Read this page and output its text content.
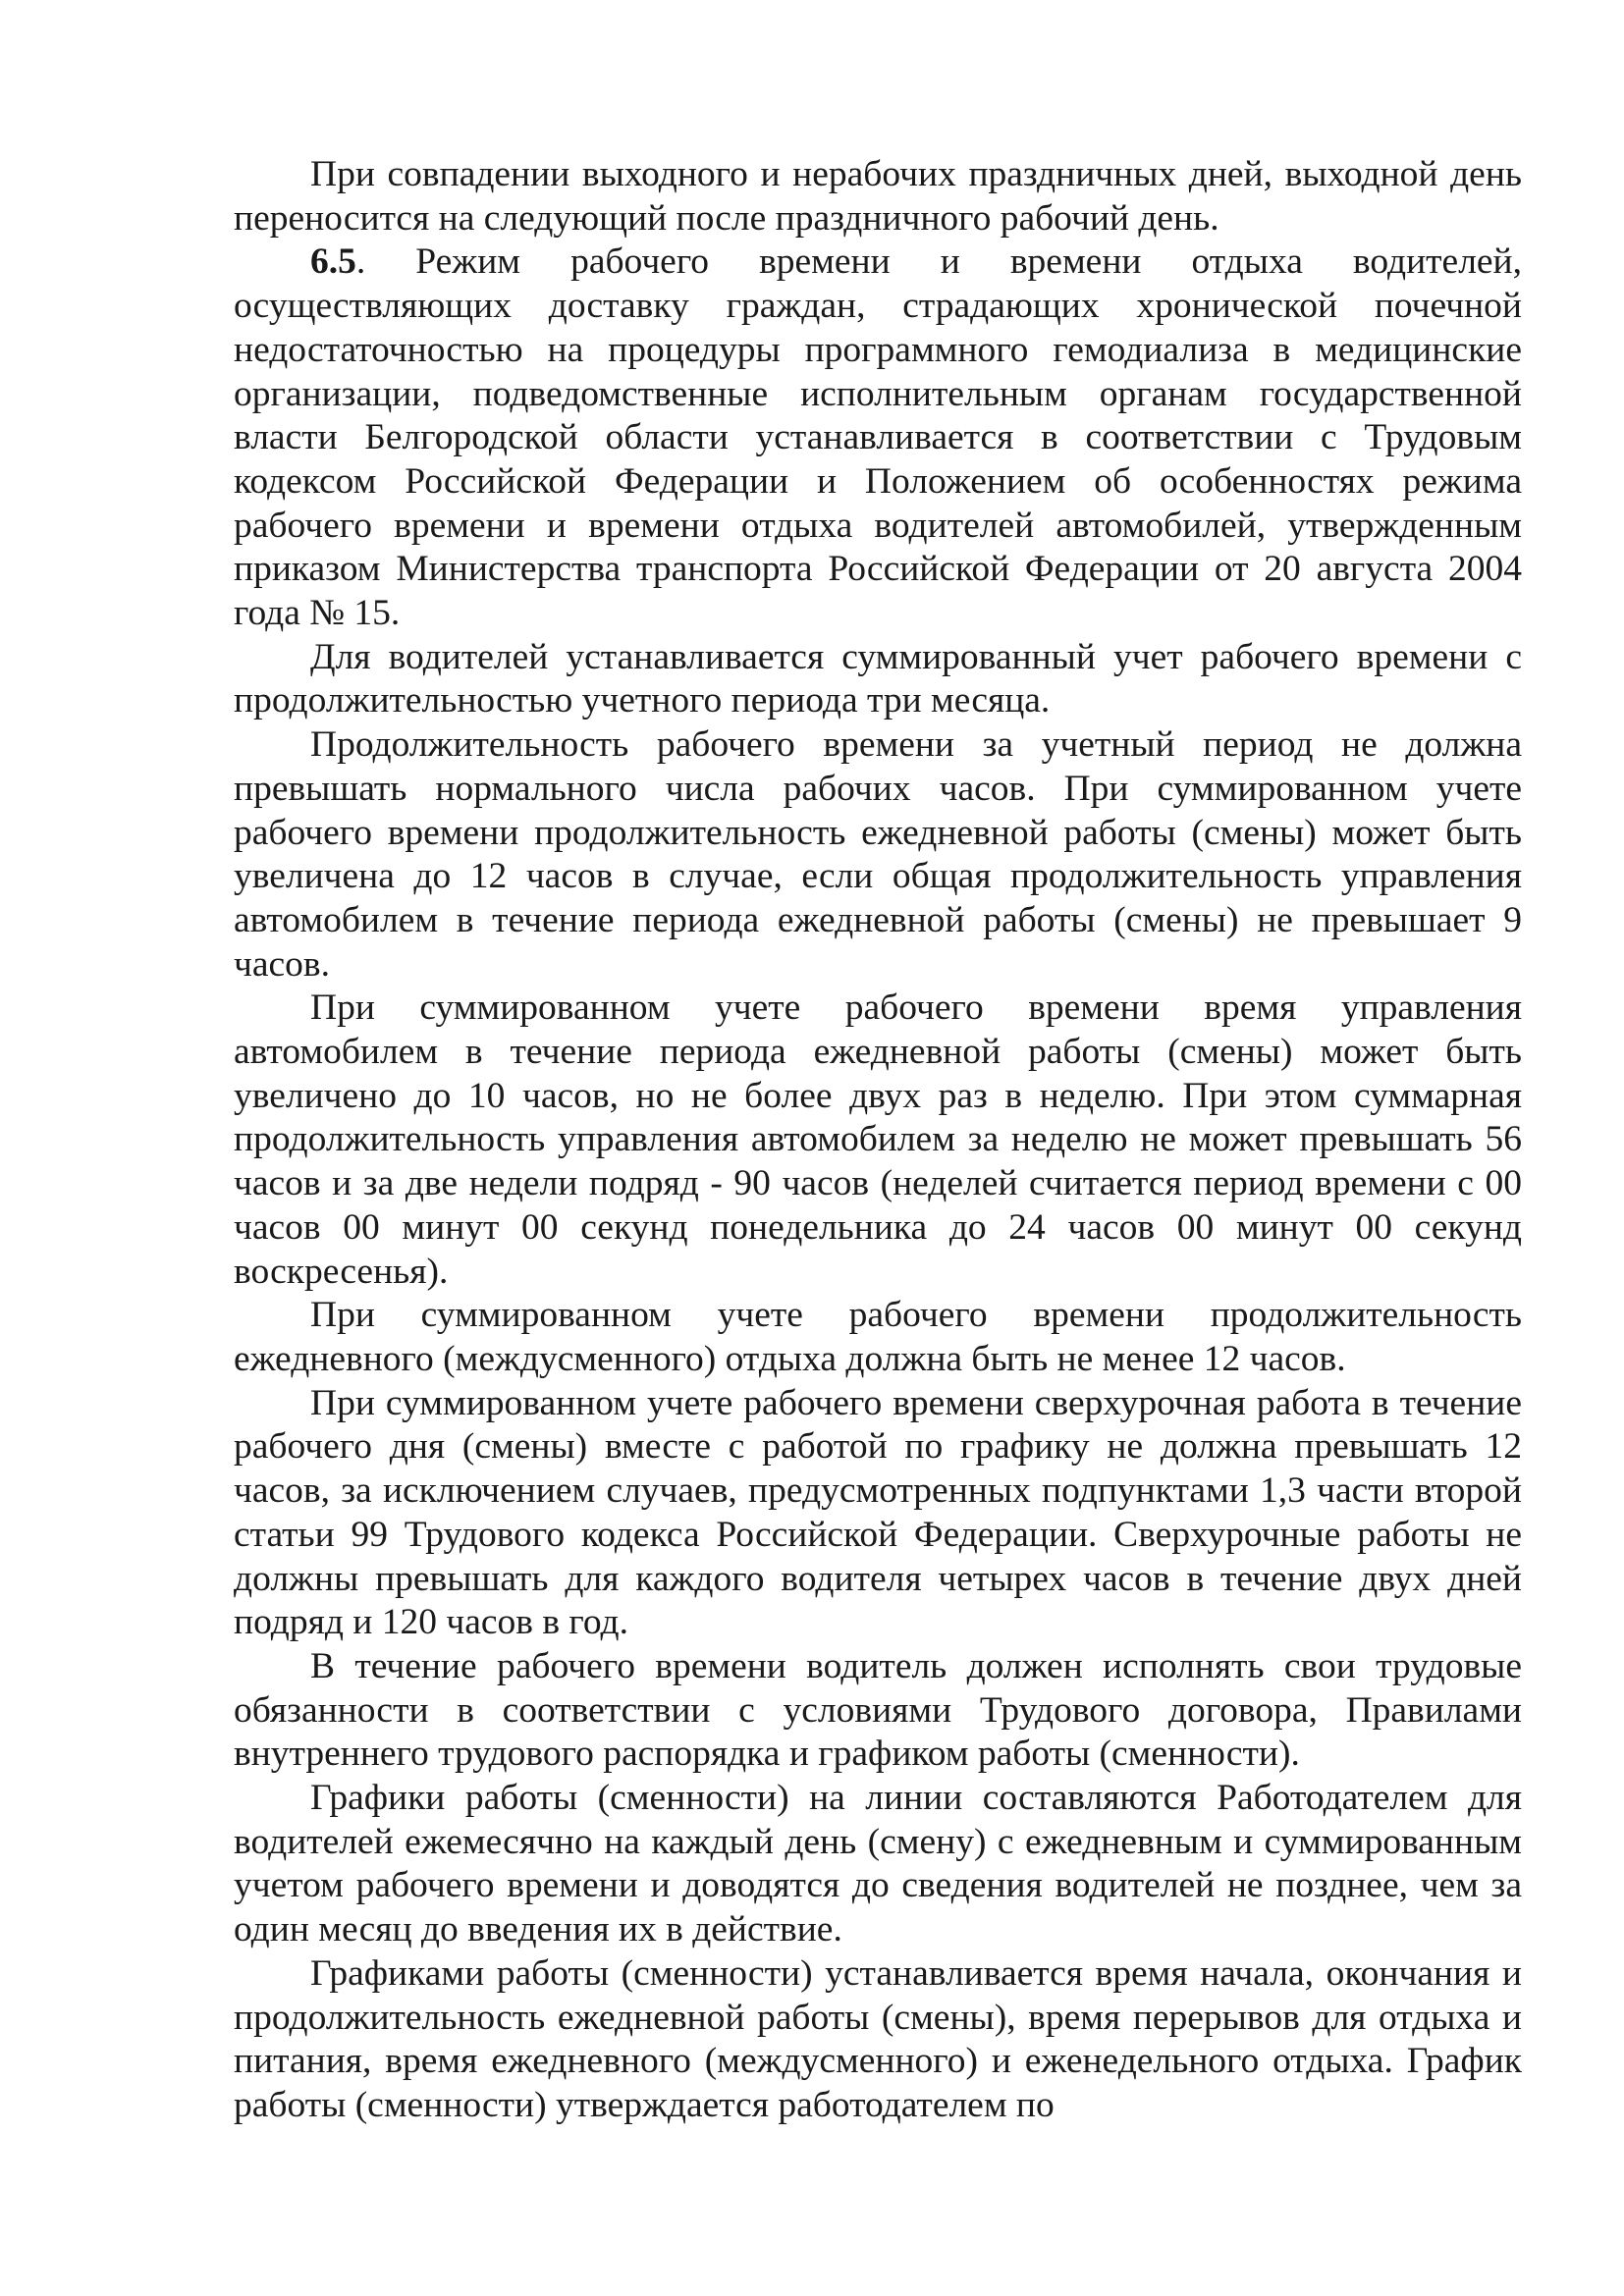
При совпадении выходного и нерабочих праздничных дней, выходной день переносится на следующий после праздничного рабочий день.

6.5. Режим рабочего времени и времени отдыха водителей, осуществляющих доставку граждан, страдающих хронической почечной недостаточностью на процедуры программного гемодиализа в медицинские организации, подведомственные исполнительным органам государственной власти Белгородской области устанавливается в соответствии с Трудовым кодексом Российской Федерации и Положением об особенностях режима рабочего времени и времени отдыха водителей автомобилей, утвержденным приказом Министерства транспорта Российской Федерации от 20 августа 2004 года № 15.

Для водителей устанавливается суммированный учет рабочего времени с продолжительностью учетного периода три месяца.

Продолжительность рабочего времени за учетный период не должна превышать нормального числа рабочих часов. При суммированном учете рабочего времени продолжительность ежедневной работы (смены) может быть увеличена до 12 часов в случае, если общая продолжительность управления автомобилем в течение периода ежедневной работы (смены) не превышает 9 часов.

При суммированном учете рабочего времени время управления автомобилем в течение периода ежедневной работы (смены) может быть увеличено до 10 часов, но не более двух раз в неделю. При этом суммарная продолжительность управления автомобилем за неделю не может превышать 56 часов и за две недели подряд - 90 часов (неделей считается период времени с 00 часов 00 минут 00 секунд понедельника до 24 часов 00 минут 00 секунд воскресенья).

При суммированном учете рабочего времени продолжительность ежедневного (междусменного) отдыха должна быть не менее 12 часов.

При суммированном учете рабочего времени сверхурочная работа в течение рабочего дня (смены) вместе с работой по графику не должна превышать 12 часов, за исключением случаев, предусмотренных подпунктами 1,3 части второй статьи 99 Трудового кодекса Российской Федерации. Сверхурочные работы не должны превышать для каждого водителя четырех часов в течение двух дней подряд и 120 часов в год.

В течение рабочего времени водитель должен исполнять свои трудовые обязанности в соответствии с условиями Трудового договора, Правилами внутреннего трудового распорядка и графиком работы (сменности).

Графики работы (сменности) на линии составляются Работодателем для водителей ежемесячно на каждый день (смену) с ежедневным и суммированным учетом рабочего времени и доводятся до сведения водителей не позднее, чем за один месяц до введения их в действие.

Графиками работы (сменности) устанавливается время начала, окончания и продолжительность ежедневной работы (смены), время перерывов для отдыха и питания, время ежедневного (междусменного) и еженедельного отдыха. График работы (сменности) утверждается работодателем по
